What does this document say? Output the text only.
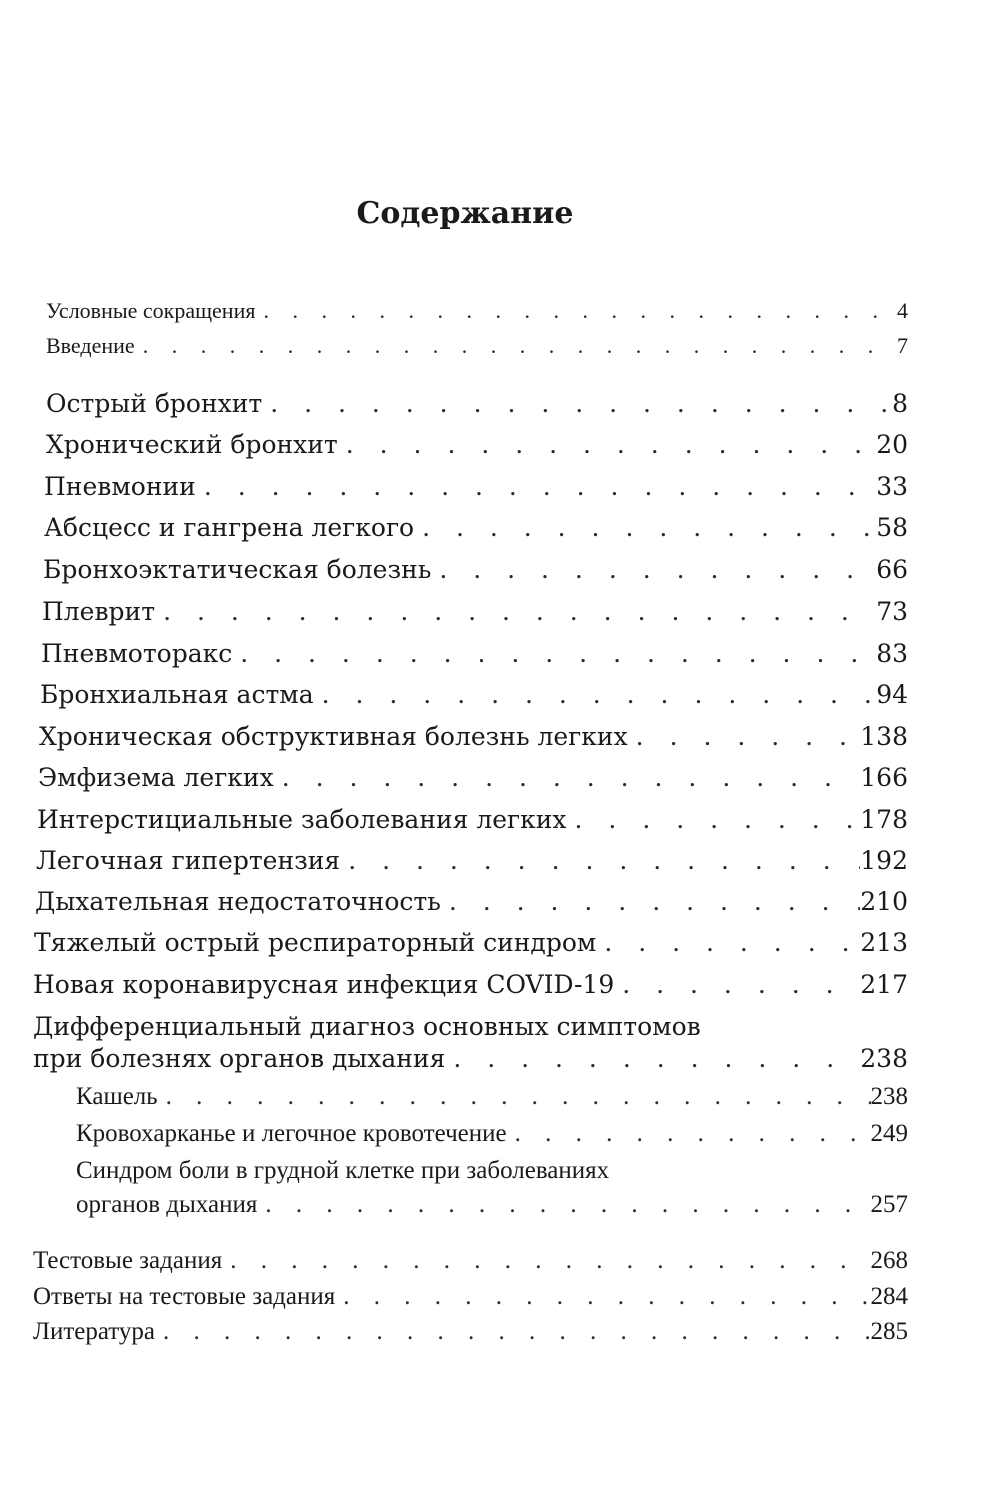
Содержание
Условные сокращения . . .	4
Введение . . .	7
Острый бронхит . . .	8
Хронический бронхит . . .	20
Пневмонии . . .	33
Абсцесс и гангрена легкого . . .	58
Бронхоэктатическая болезнь . . .	66
Плеврит . . .	73
Пневмоторакс . . .	83
Бронхиальная астма . . .	94
Хроническая обструктивная болезнь легких . . .	138
Эмфизема легких . . .	166
Интерстициальные заболевания легких . . .	178
Легочная гипертензия . . .	192
Дыхательная недостаточность . . .	210
Тяжелый острый респираторный синдром . . .	213
Новая коронавирусная инфекция COVID-19 . . .	217
Дифференциальный диагноз основных симптомов
при болезнях органов дыхания . . .	238
Кашель . . .	238
Кровохарканье и легочное кровотечение . . .	249
Синдром боли в грудной клетке при заболеваниях
органов дыхания . . .	257
Тестовые задания . . .	268
Ответы на тестовые задания . . .	284
Литература . . .	285
